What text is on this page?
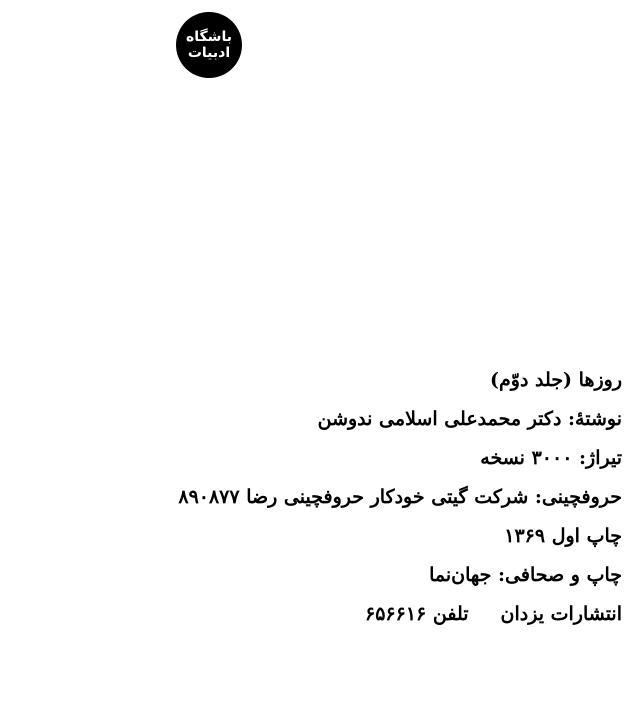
باشگاه
ادبیات
روزها (جلد دوّم)
نوشتهٔ: دکتر محمدعلی اسلامی ندوشن
تیراژ: ۳۰۰۰ نسخه
حروفچینی: شرکت گیتی خودکار حروفچینی رضا ۸۹۰۸۷۷
چاپ اول ۱۳۶۹
چاپ و صحافی: جهان‌نما
انتشارات یزدان
تلفن ۶۵۶۶۱۶
